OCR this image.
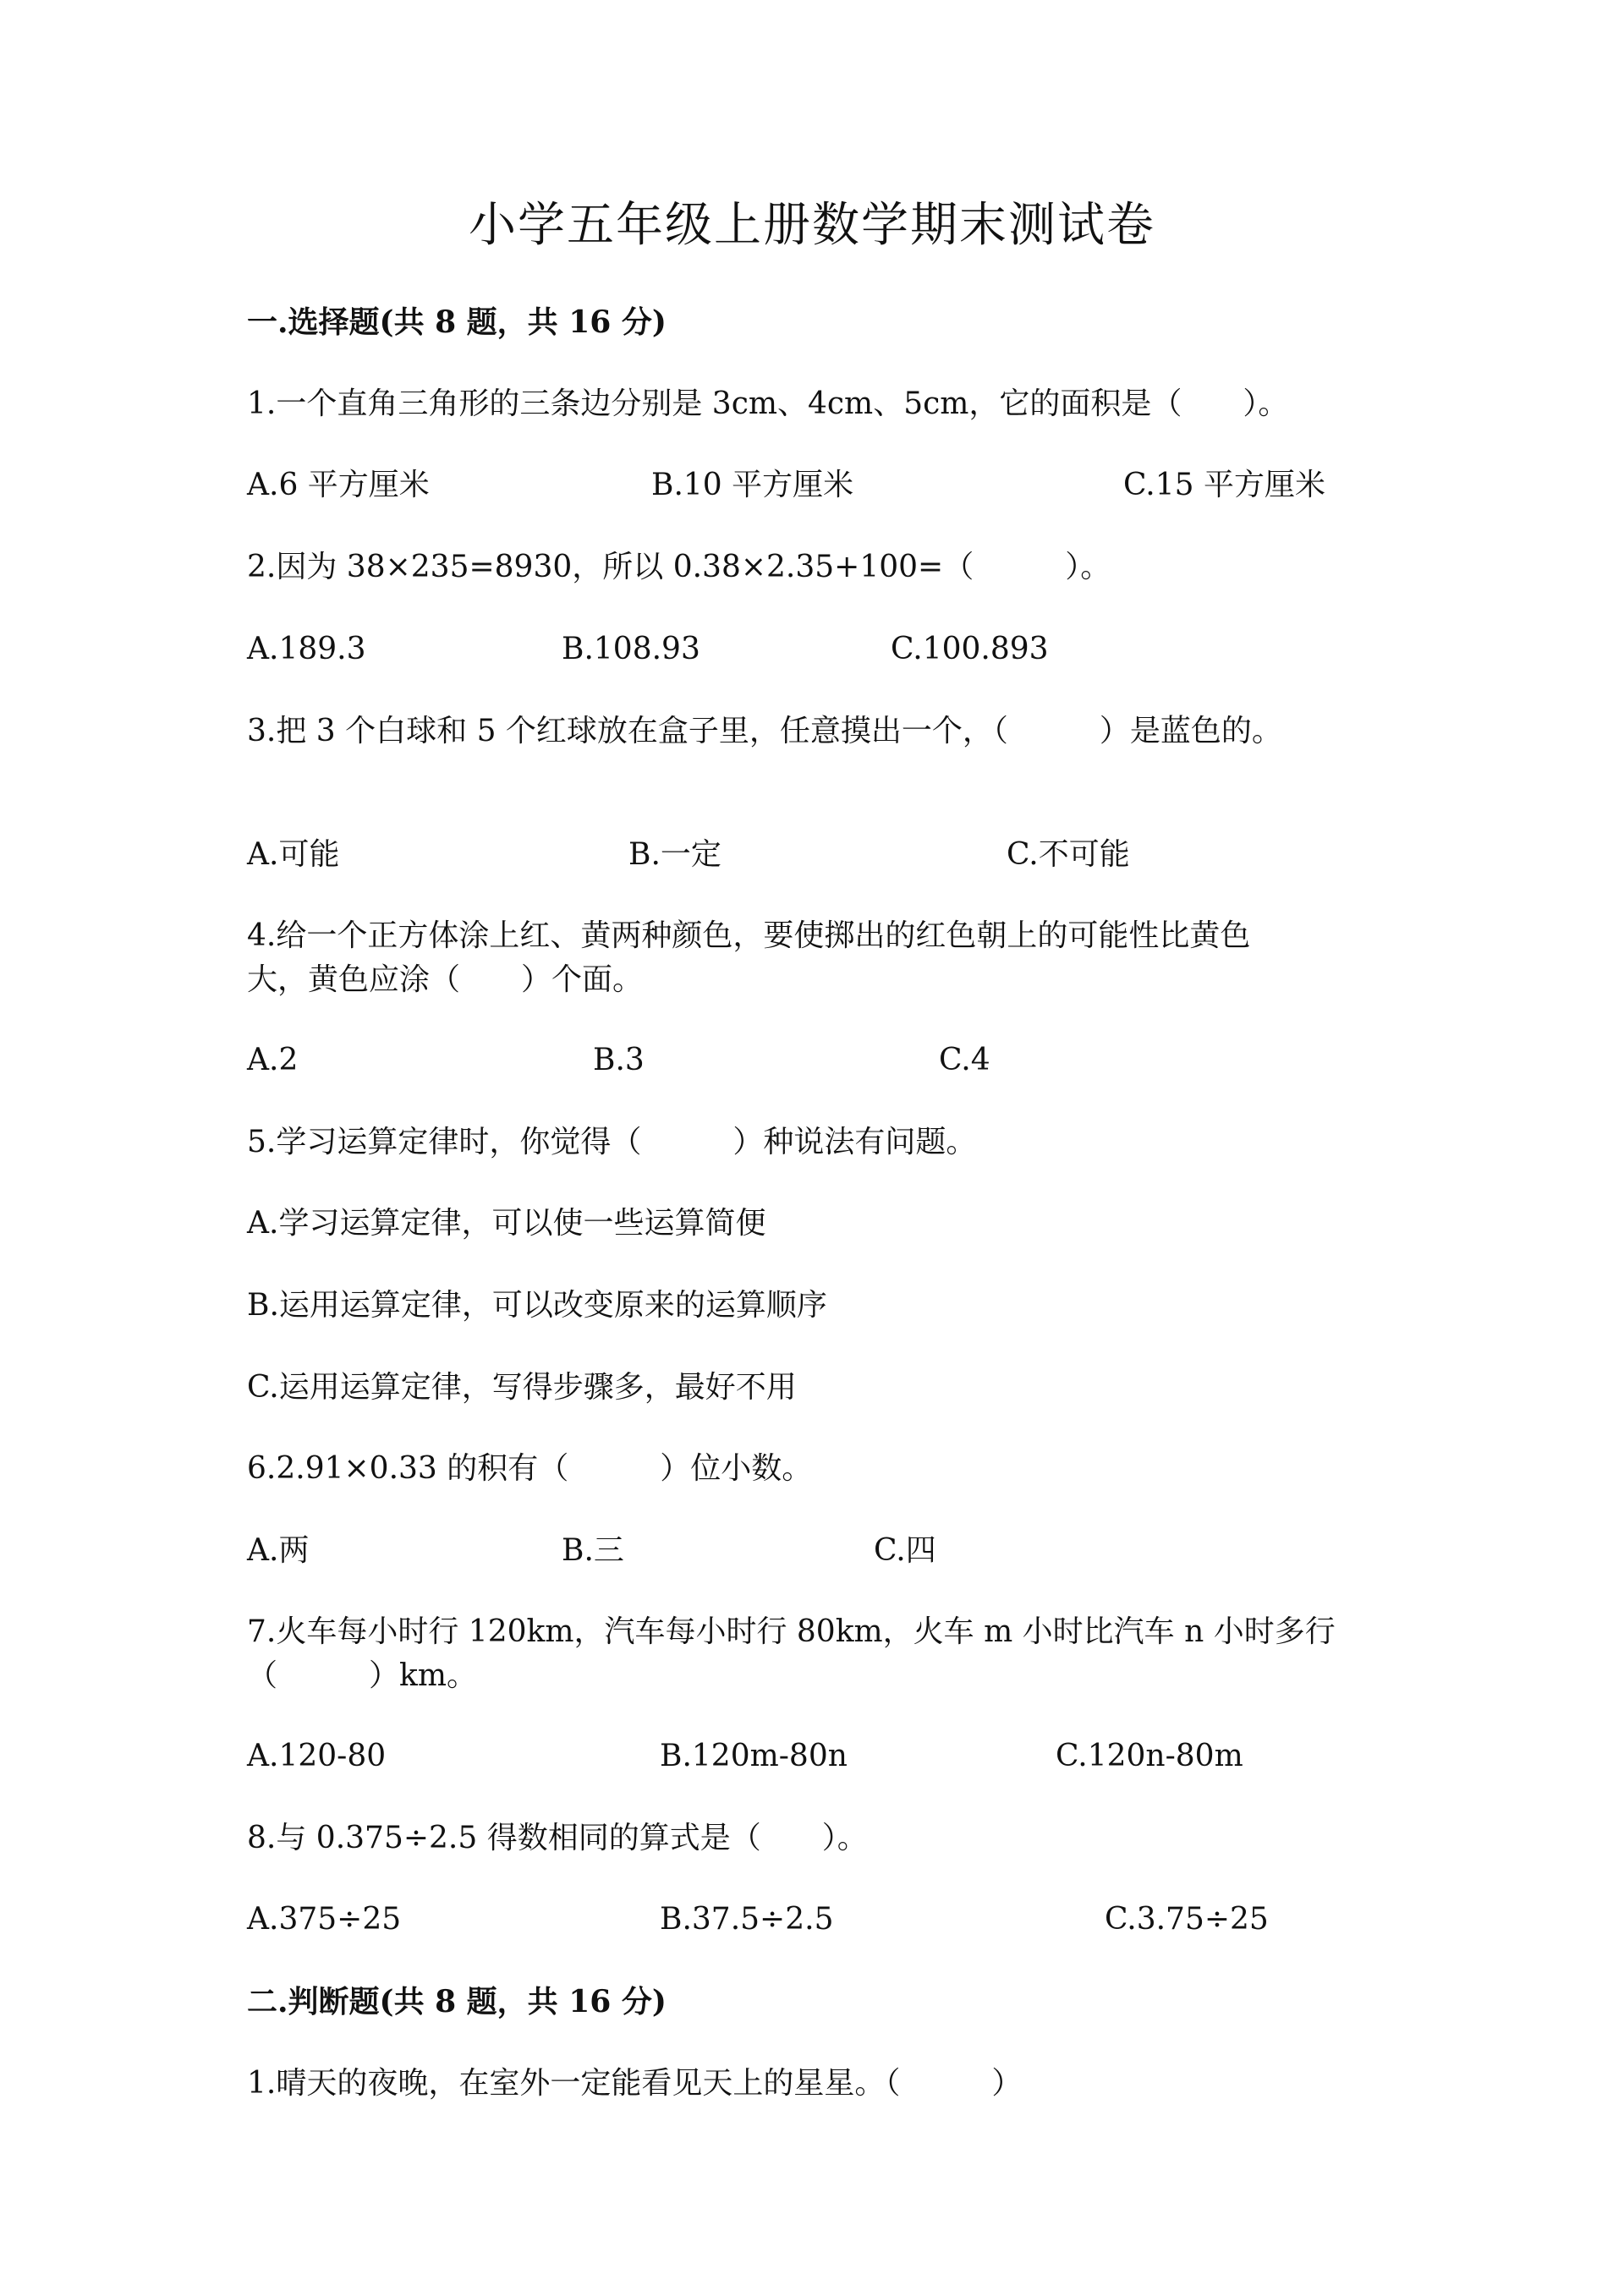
小学五年级上册数学期末测试卷
一.选择题(共 8 题，共 16 分)
1.一个直角三角形的三条边分别是 3cm、4cm、5cm，它的面积是（　　）。
A.6 平方厘米	B.10 平方厘米	C.15 平方厘米
2.因为 38×235=8930，所以 0.38×2.35+100=（　　　）。
A.189.3	B.108.93	C.100.893
3.把 3 个白球和 5 个红球放在盒子里，任意摸出一个，（　　　）是蓝色的。
A.可能	B.一定	C.不可能
4.给一个正方体涂上红、黄两种颜色，要使掷出的红色朝上的可能性比黄色
大，黄色应涂（　　）个面。
A.2	B.3	C.4
5.学习运算定律时，你觉得（　　　）种说法有问题。
A.学习运算定律，可以使一些运算简便
B.运用运算定律，可以改变原来的运算顺序
C.运用运算定律，写得步骤多，最好不用
6.2.91×0.33 的积有（　　　）位小数。
A.两	B.三	C.四
7.火车每小时行 120km，汽车每小时行 80km，火车 m 小时比汽车 n 小时多行
（　　　）km。
A.120-80	B.120m-80n	C.120n-80m
8.与 0.375÷2.5 得数相同的算式是（　　）。
A.375÷25	B.37.5÷2.5	C.3.75÷25
二.判断题(共 8 题，共 16 分)
1.晴天的夜晚，在室外一定能看见天上的星星。（　　　）
